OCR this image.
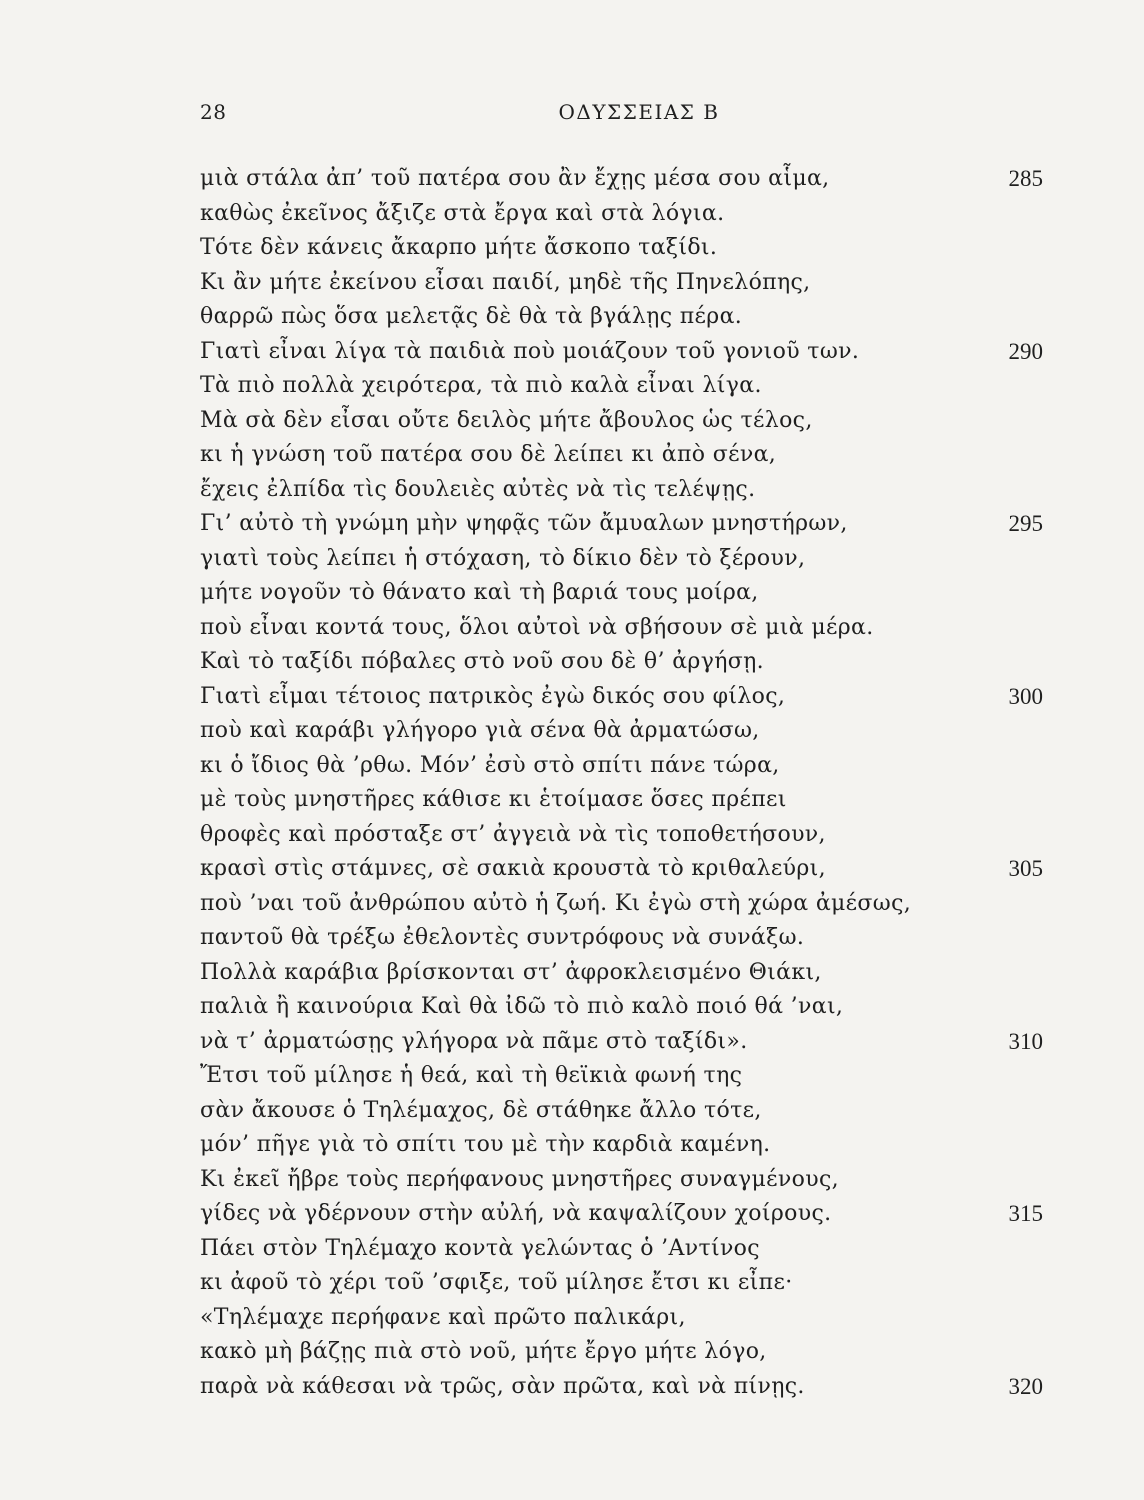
28	ΟΔΥΣΣΕΙΑΣ Β
μιὰ στάλα ἀπ’ τοῦ πατέρα σου ἂν ἔχῃς μέσα σου αἷμα,	285
καθὼς ἐκεῖνος ἄξιζε στὰ ἔργα καὶ στὰ λόγια.
Τότε δὲν κάνεις ἄκαρπο μήτε ἄσκοπο ταξίδι.
Κι ἂν μήτε ἐκείνου εἶσαι παιδί, μηδὲ τῆς Πηνελόπης,
θαρρῶ πὼς ὅσα μελετᾷς δὲ θὰ τὰ βγάλῃς πέρα.
Γιατὶ εἶναι λίγα τὰ παιδιὰ ποὺ μοιάζουν τοῦ γονιοῦ των.	290
Τὰ πιὸ πολλὰ χειρότερα, τὰ πιὸ καλὰ εἶναι λίγα.
Μὰ σὰ δὲν εἶσαι οὔτε δειλὸς μήτε ἄβουλος ὡς τέλος,
κι ἡ γνώση τοῦ πατέρα σου δὲ λείπει κι ἀπὸ σένα,
ἔχεις ἐλπίδα τὶς δουλειὲς αὐτὲς νὰ τὶς τελέψῃς.
Γι’ αὐτὸ τὴ γνώμη μὴν ψηφᾷς τῶν ἄμυαλων μνηστήρων,	295
γιατὶ τοὺς λείπει ἡ στόχαση, τὸ δίκιο δὲν τὸ ξέρουν,
μήτε νογοῦν τὸ θάνατο καὶ τὴ βαριά τους μοίρα,
ποὺ εἶναι κοντά τους, ὅλοι αὐτοὶ νὰ σβήσουν σὲ μιὰ μέρα.
Καὶ τὸ ταξίδι πόβαλες στὸ νοῦ σου δὲ θ’ ἀργήσῃ.
Γιατὶ εἶμαι τέτοιος πατρικὸς ἐγὼ δικός σου φίλος,	300
ποὺ καὶ καράβι γλήγορο γιὰ σένα θὰ ἀρματώσω,
κι ὁ ἴδιος θὰ ’ρθω. Μόν’ ἐσὺ στὸ σπίτι πάνε τώρα,
μὲ τοὺς μνηστῆρες κάθισε κι ἑτοίμασε ὅσες πρέπει
θροφὲς καὶ πρόσταξε στ’ ἀγγειὰ νὰ τὶς τοποθετήσουν,
κρασὶ στὶς στάμνες, σὲ σακιὰ κρουστὰ τὸ κριθαλεύρι,	305
ποὺ ’ναι τοῦ ἀνθρώπου αὐτὸ ἡ ζωή. Κι ἐγὼ στὴ χώρα ἀμέσως,
παντοῦ θὰ τρέξω ἐθελοντὲς συντρόφους νὰ συνάξω.
Πολλὰ καράβια βρίσκονται στ’ ἀφροκλεισμένο Θιάκι,
παλιὰ ἢ καινούρια Καὶ θὰ ἰδῶ τὸ πιὸ καλὸ ποιό θά ’ναι,
νὰ τ’ ἀρματώσῃς γλήγορα νὰ πᾶμε στὸ ταξίδι».	310
Ἔτσι τοῦ μίλησε ἡ θεά, καὶ τὴ θεϊκιὰ φωνή της
σὰν ἄκουσε ὁ Τηλέμαχος, δὲ στάθηκε ἄλλο τότε,
μόν’ πῆγε γιὰ τὸ σπίτι του μὲ τὴν καρδιὰ καμένη.
Κι ἐκεῖ ἤβρε τοὺς περήφανους μνηστῆρες συναγμένους,
γίδες νὰ γδέρνουν στὴν αὐλή, νὰ καψαλίζουν χοίρους.	315
Πάει στὸν Τηλέμαχο κοντὰ γελώντας ὁ ’Αντίνος
κι ἀφοῦ τὸ χέρι τοῦ ’σφιξε, τοῦ μίλησε ἔτσι κι εἶπε·
«Τηλέμαχε περήφανε καὶ πρῶτο παλικάρι,
κακὸ μὴ βάζῃς πιὰ στὸ νοῦ, μήτε ἔργο μήτε λόγο,
παρὰ νὰ κάθεσαι νὰ τρῶς, σὰν πρῶτα, καὶ νὰ πίνῃς.	320
